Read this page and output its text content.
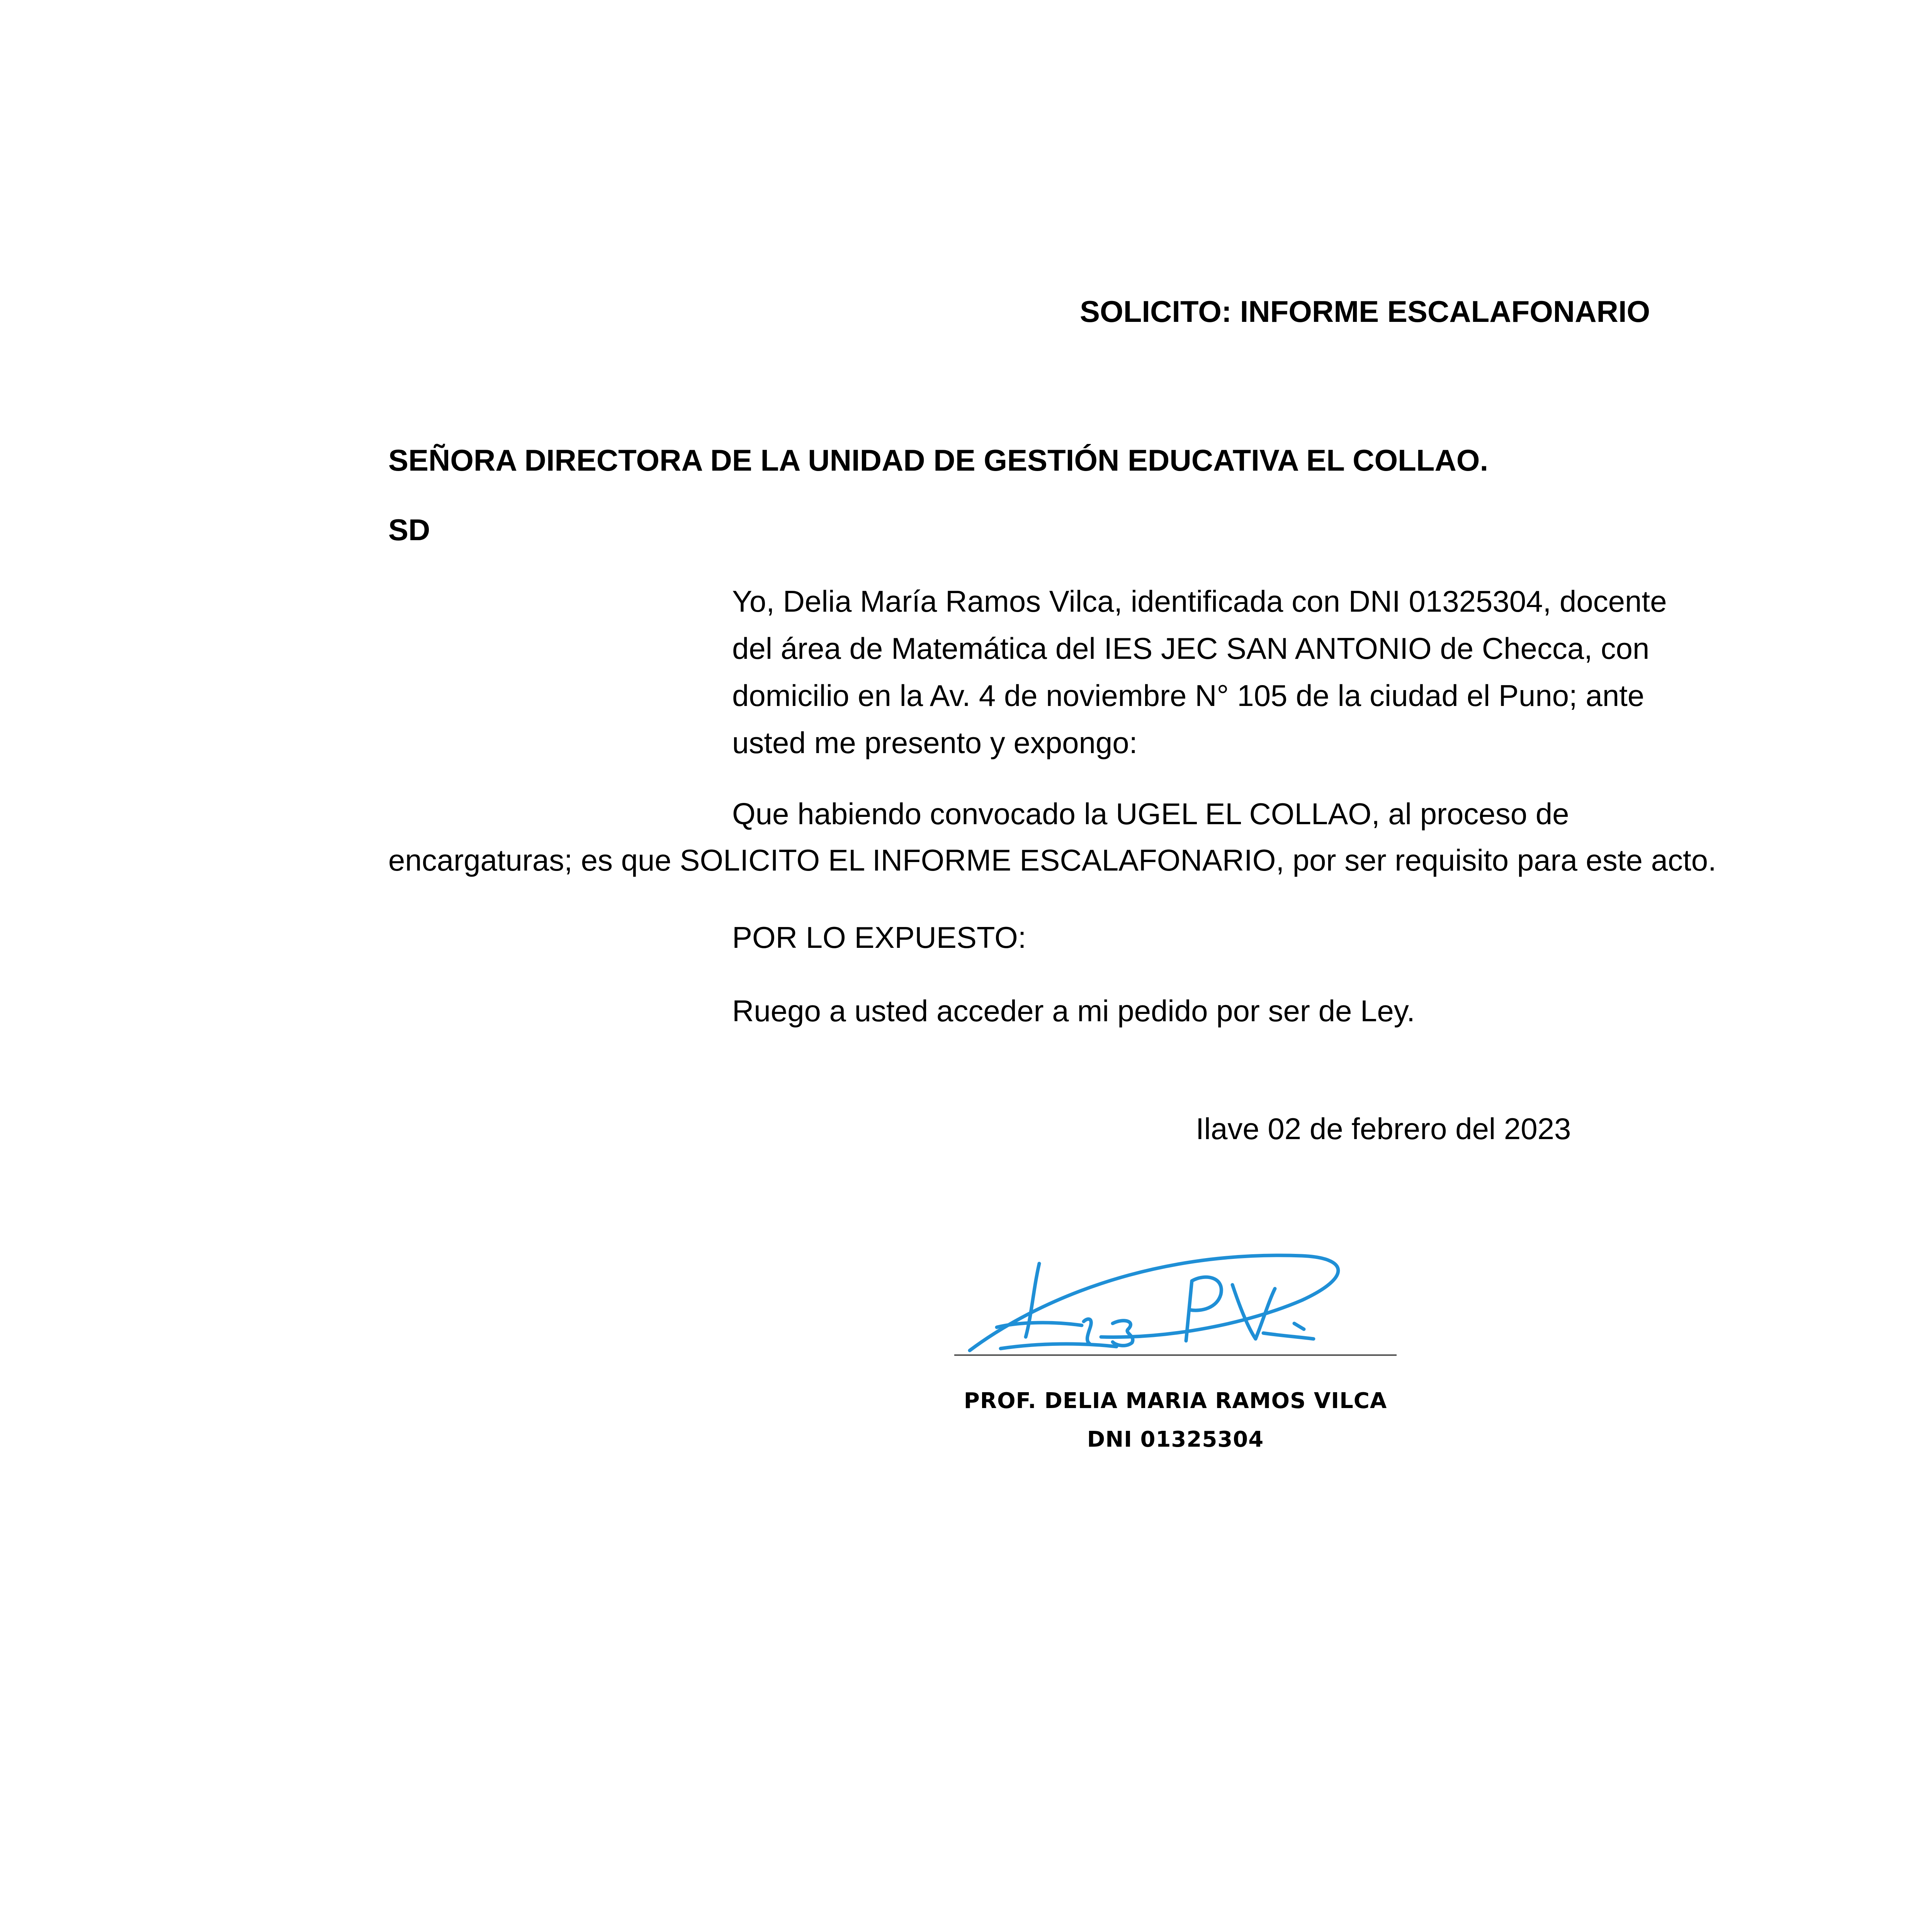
SOLICITO: INFORME ESCALAFONARIO

SEÑORA DIRECTORA DE LA UNIDAD DE GESTIÓN EDUCATIVA EL COLLAO.

SD

Yo, Delia María Ramos Vilca, identificada con DNI 01325304, docente
del área de Matemática del IES JEC SAN ANTONIO de Checca, con
domicilio en la Av. 4 de noviembre N° 105 de la ciudad el Puno; ante
usted me presento y expongo:

Que habiendo convocado la UGEL EL COLLAO, al proceso de

encargaturas; es que SOLICITO EL INFORME ESCALAFONARIO, por ser requisito para este acto.

POR LO EXPUESTO:

Ruego a usted acceder a mi pedido por ser de Ley.

Ilave 02 de febrero del 2023

PROF. DELIA MARIA RAMOS VILCA

DNI 01325304
